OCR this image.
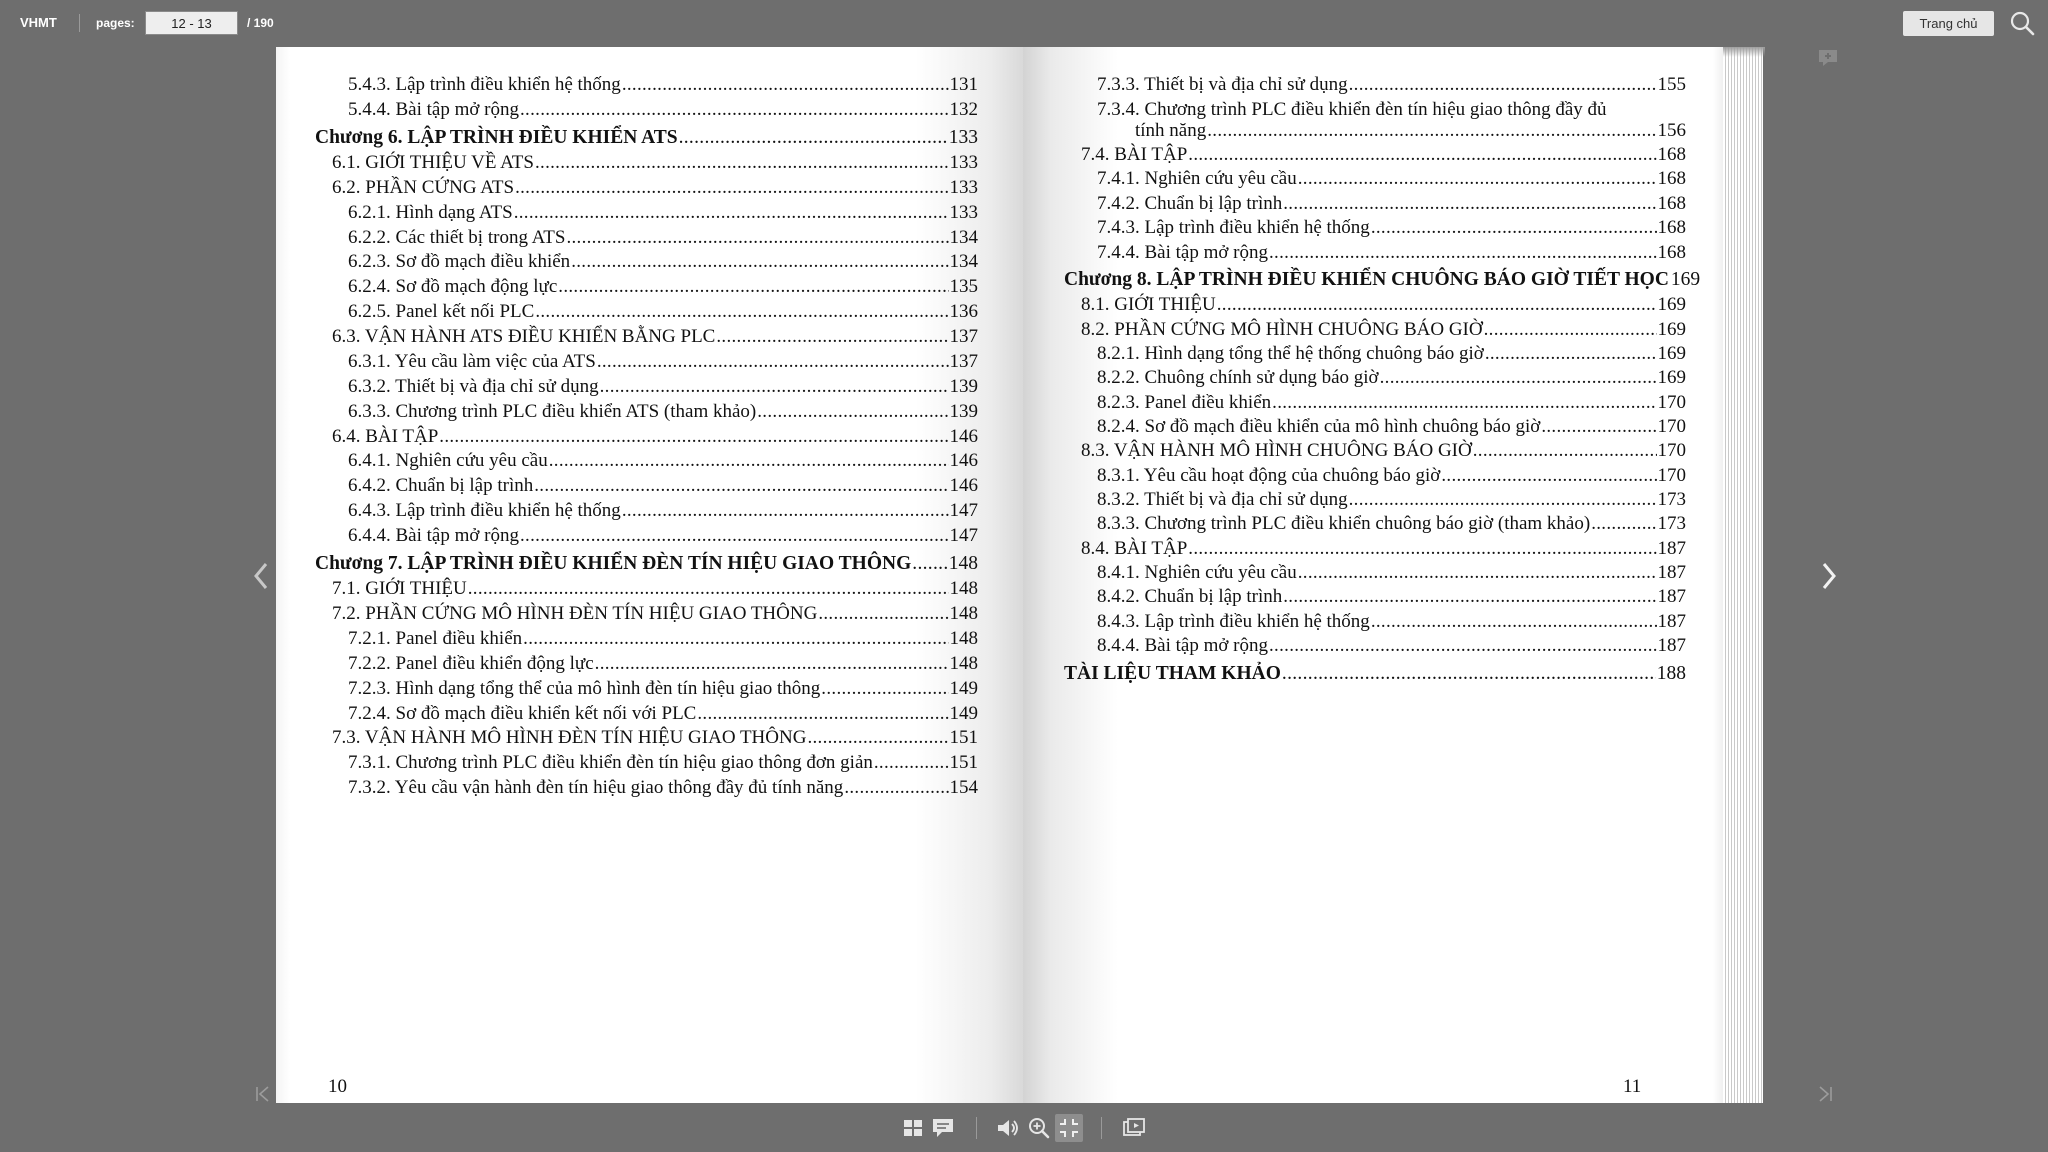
VHMT	pages:
12 - 13	/ 190	Trang chủ
5.4.3. Lập trình điều khiển hệ thống .....	131
5.4.4. Bài tập mở rộng .....	132
Chương 6. LẬP TRÌNH ĐIỀU KHIỂN ATS .....	133
6.1. GIỚI THIỆU VỀ ATS .....	133
6.2. PHẦN CỨNG ATS .....	133
6.2.1. Hình dạng ATS .....	133
6.2.2. Các thiết bị trong ATS .....	134
6.2.3. Sơ đồ mạch điều khiển .....	134
6.2.4. Sơ đồ mạch động lực .....	135
6.2.5. Panel kết nối PLC .....	136
6.3. VẬN HÀNH ATS ĐIỀU KHIỂN BẰNG PLC .....	137
6.3.1. Yêu cầu làm việc của ATS .....	137
6.3.2. Thiết bị và địa chỉ sử dụng .....	139
6.3.3. Chương trình PLC điều khiển ATS (tham khảo) .....	139
6.4. BÀI TẬP .....	146
6.4.1. Nghiên cứu yêu cầu .....	146
6.4.2. Chuẩn bị lập trình .....	146
6.4.3. Lập trình điều khiển hệ thống .....	147
6.4.4. Bài tập mở rộng .....	147
Chương 7. LẬP TRÌNH ĐIỀU KHIỂN ĐÈN TÍN HIỆU GIAO THÔNG ..... 148
7.1. GIỚI THIỆU .....	148
7.2. PHẦN CỨNG MÔ HÌNH ĐÈN TÍN HIỆU GIAO THÔNG .....	148
7.2.1. Panel điều khiển .....	148
7.2.2. Panel điều khiển động lực .....	148
7.2.3. Hình dạng tổng thể của mô hình đèn tín hiệu giao thông .....	149
7.2.4. Sơ đồ mạch điều khiển kết nối với PLC .....	149
7.3. VẬN HÀNH MÔ HÌNH ĐÈN TÍN HIỆU GIAO THÔNG .....	151
7.3.1. Chương trình PLC điều khiển đèn tín hiệu giao thông đơn giản .....	151
7.3.2. Yêu cầu vận hành đèn tín hiệu giao thông đầy đủ tính năng .....	154
10
7.3.3. Thiết bị và địa chỉ sử dụng .....	155
7.3.4. Chương trình PLC điều khiển đèn tín hiệu giao thông đầy đủ
tính năng .....	156
7.4. BÀI TẬP .....	168
7.4.1. Nghiên cứu yêu cầu .....	168
7.4.2. Chuẩn bị lập trình .....	168
7.4.3. Lập trình điều khiển hệ thống .....	168
7.4.4. Bài tập mở rộng .....	168
Chương 8. LẬP TRÌNH ĐIỀU KHIỂN CHUÔNG BÁO GIỜ TIẾT HỌC 169
8.1. GIỚI THIỆU .....	169
8.2. PHẦN CỨNG MÔ HÌNH CHUÔNG BÁO GIỜ .....	169
8.2.1. Hình dạng tổng thể hệ thống chuông báo giờ .....	169
8.2.2. Chuông chính sử dụng báo giờ .....	169
8.2.3. Panel điều khiển .....	170
8.2.4. Sơ đồ mạch điều khiển của mô hình chuông báo giờ .....	170
8.3. VẬN HÀNH MÔ HÌNH CHUÔNG BÁO GIỜ .....	170
8.3.1. Yêu cầu hoạt động của chuông báo giờ .....	170
8.3.2. Thiết bị và địa chỉ sử dụng .....	173
8.3.3. Chương trình PLC điều khiển chuông báo giờ (tham khảo) .....	173
8.4. BÀI TẬP .....	187
8.4.1. Nghiên cứu yêu cầu .....	187
8.4.2. Chuẩn bị lập trình .....	187
8.4.3. Lập trình điều khiển hệ thống .....	187
8.4.4. Bài tập mở rộng .....	187
TÀI LIỆU THAM KHẢO .....	188
11
